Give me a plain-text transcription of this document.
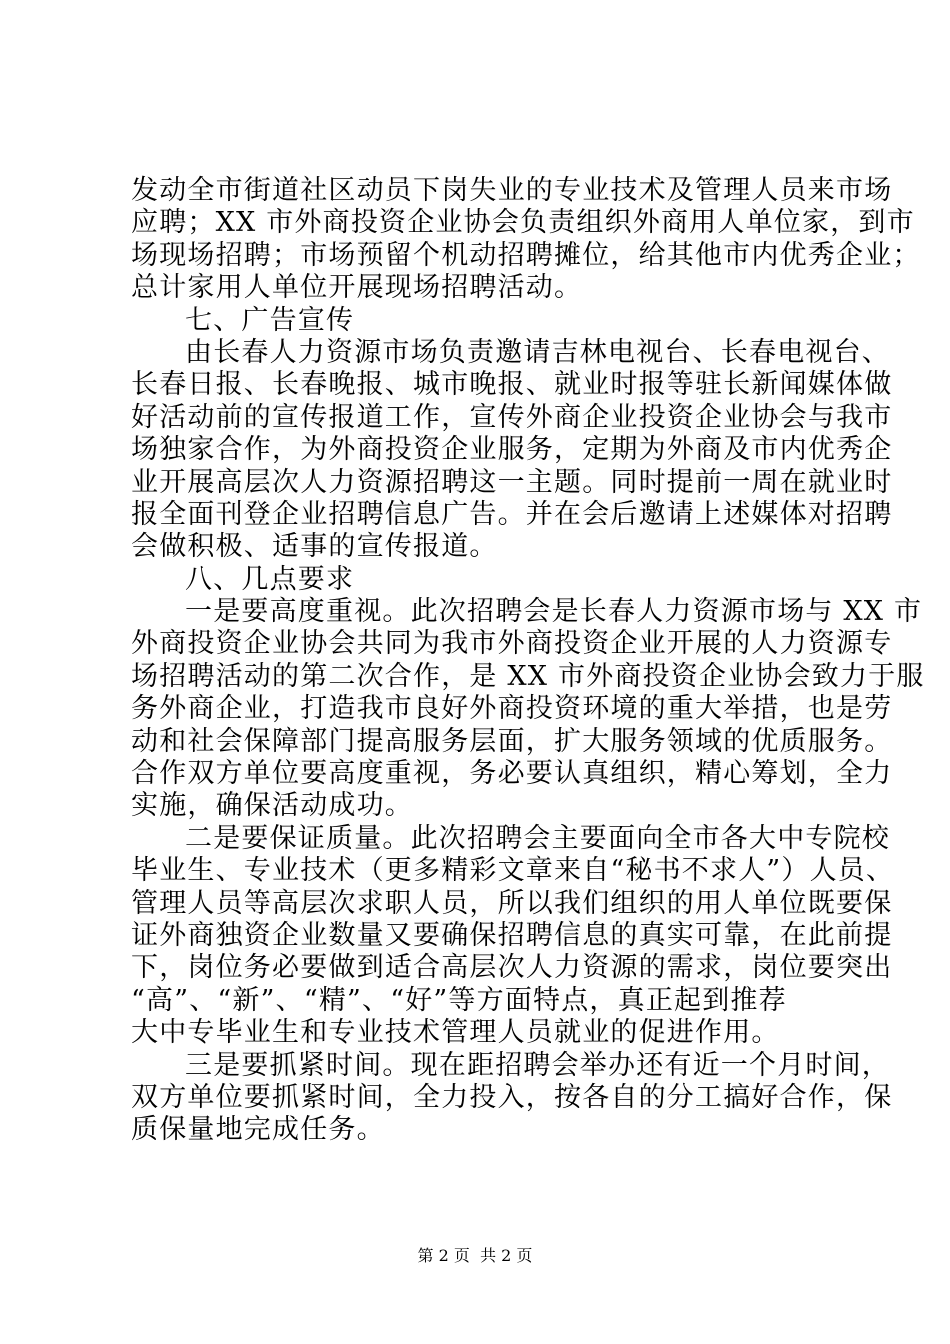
发动全市街道社区动员下岗失业的专业技术及管理人员来市场
应聘；XX 市外商投资企业协会负责组织外商用人单位家，到市
场现场招聘；市场预留个机动招聘摊位，给其他市内优秀企业；
总计家用人单位开展现场招聘活动。
七、广告宣传
由长春人力资源市场负责邀请吉林电视台、长春电视台、
长春日报、长春晚报、城市晚报、就业时报等驻长新闻媒体做
好活动前的宣传报道工作，宣传外商企业投资企业协会与我市
场独家合作，为外商投资企业服务，定期为外商及市内优秀企
业开展高层次人力资源招聘这一主题。同时提前一周在就业时
报全面刊登企业招聘信息广告。并在会后邀请上述媒体对招聘
会做积极、适事的宣传报道。
八、几点要求
一是要高度重视。此次招聘会是长春人力资源市场与 XX 市
外商投资企业协会共同为我市外商投资企业开展的人力资源专
场招聘活动的第二次合作，是 XX 市外商投资企业协会致力于服
务外商企业，打造我市良好外商投资环境的重大举措，也是劳
动和社会保障部门提高服务层面，扩大服务领域的优质服务。
合作双方单位要高度重视，务必要认真组织，精心筹划，全力
实施，确保活动成功。
二是要保证质量。此次招聘会主要面向全市各大中专院校
毕业生、专业技术（更多精彩文章来自“秘书不求人”）人员、
管理人员等高层次求职人员，所以我们组织的用人单位既要保
证外商独资企业数量又要确保招聘信息的真实可靠，在此前提
下，岗位务必要做到适合高层次人力资源的需求，岗位要突出
“高”、“新”、“精”、“好”等方面特点，真正起到推荐
大中专毕业生和专业技术管理人员就业的促进作用。
三是要抓紧时间。现在距招聘会举办还有近一个月时间，
双方单位要抓紧时间，全力投入，按各自的分工搞好合作，保
质保量地完成任务。
第 2 页  共 2 页
